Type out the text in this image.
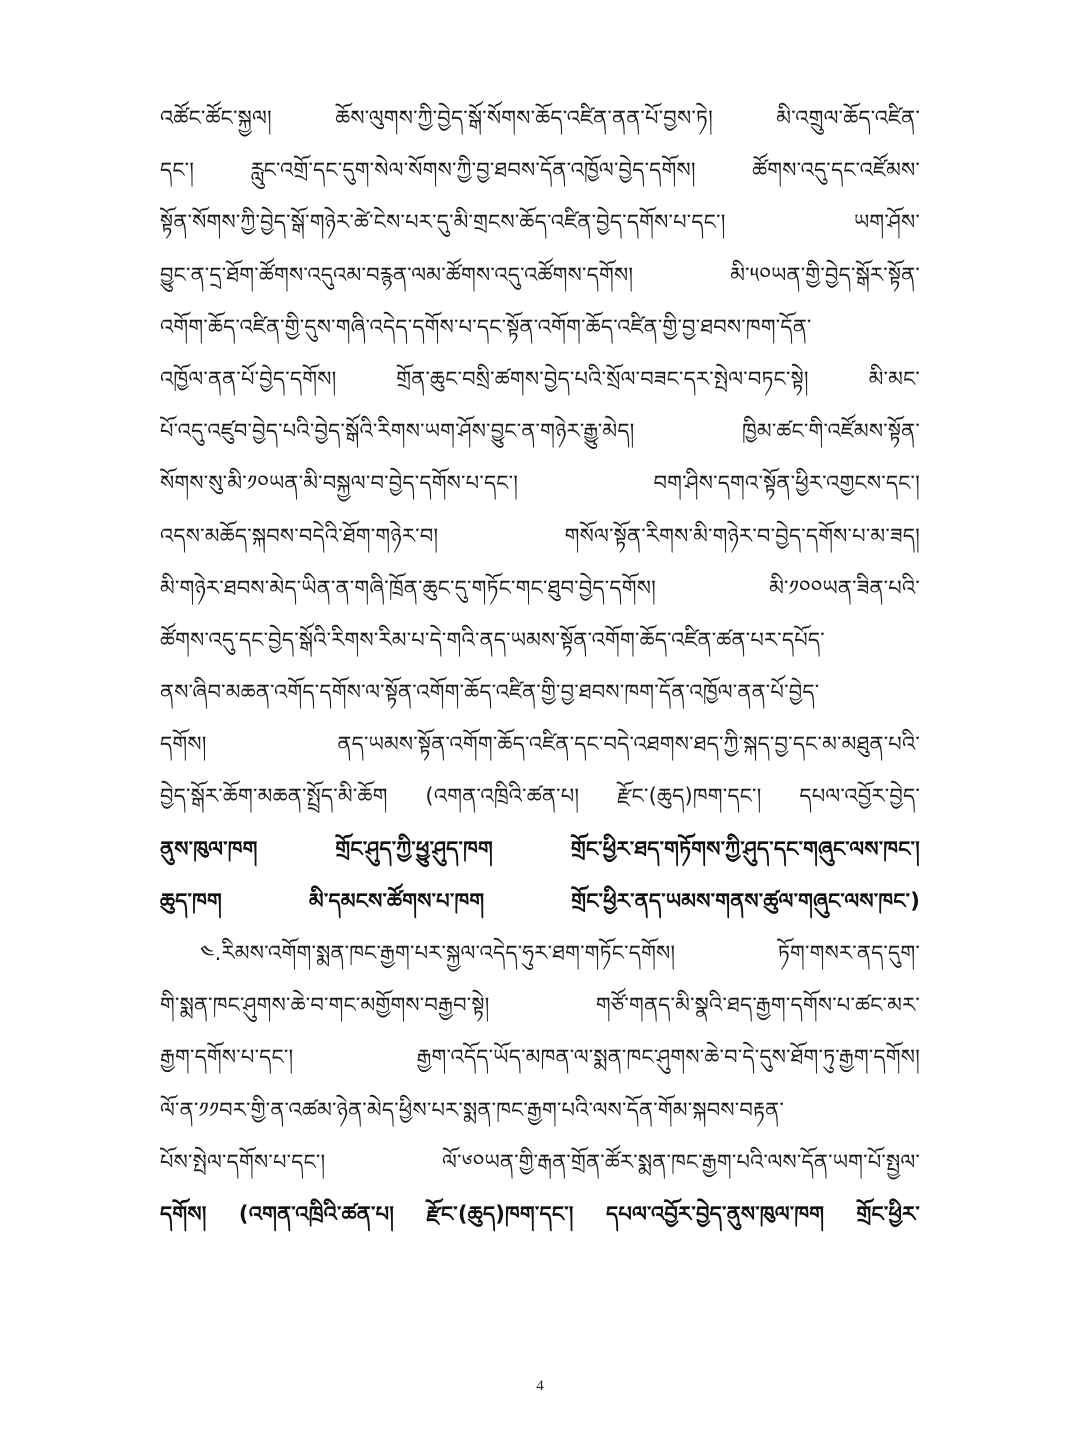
འཚོང་ཚོང་སྐྱལ། ཆོས་ལུགས་ཀྱི་བྱེད་སྒོ་སོགས་ཆོད་འཛིན་ནན་པོ་བྱས་ཏེ། མི་འགྲུལ་ཆོད་འཛིན་
དང་། རླུང་འགྲོ་དང་དུག་སེལ་སོགས་ཀྱི་བྱ་ཐབས་དོན་འཁྱོལ་བྱེད་དགོས། ཚོགས་འདུ་དང་འཛོམས་
སྟོན་སོགས་ཀྱི་བྱེད་སྒོ་གཉེར་ཚེ་ངེས་པར་དུ་མི་གྲངས་ཆོད་འཛིན་བྱེད་དགོས་པ་དང་། ཡག་ཤོས་
བྱུང་ན་དྲ་ཐོག་ཚོགས་འདུའམ་བརྙན་ལམ་ཚོགས་འདུ་འཚོགས་དགོས། མི་༥༠ཡན་གྱི་བྱེད་སྒོར་སྟོན་
འགོག་ཆོད་འཛིན་གྱི་དུས་གཞི་འདེད་དགོས་པ་དང་སྟོན་འགོག་ཆོད་འཛིན་གྱི་བྱ་ཐབས་ཁག་དོན་
འཁྱོལ་ནན་པོ་བྱེད་དགོས། གྲོན་ཆུང་བསྲི་ཚགས་བྱེད་པའི་སྲོལ་བཟང་དར་སྤེལ་བཏང་སྟེ། མི་མང་
པོ་འདུ་འཛུབ་བྱེད་པའི་བྱེད་སྒོའི་རིགས་ཡག་ཤོས་བྱུང་ན་གཉེར་རྒྱུ་མེད། ཁྱིམ་ཚང་གི་འཛོམས་སྟོན་
སོགས་སུ་མི་༡༠ཡན་མི་བསྐྱལ་བ་བྱེད་དགོས་པ་དང་། བག་ཤིས་དགའ་སྟོན་ཕྱིར་འགྱངས་དང་།
འདས་མཆོད་སྐབས་བདེའི་ཐོག་གཉེར་བ། གསོལ་སྟོན་རིགས་མི་གཉེར་བ་བྱེད་དགོས་པ་མ་ཟད།
མི་གཉེར་ཐབས་མེད་ཡིན་ན་གཞི་ཁྲོན་ཆུང་དུ་གཏོང་གང་ཐུབ་བྱེད་དགོས། མི་༡༠༠ཡན་ཟིན་པའི་
ཚོགས་འདུ་དང་བྱེད་སྒོའི་རིགས་རིམ་པ་དེ་གའི་ནད་ཡམས་སྟོན་འགོག་ཆོད་འཛིན་ཚན་པར་དཔོད་
ནས་ཞིབ་མཆན་འགོད་དགོས་ལ་སྟོན་འགོག་ཆོད་འཛིན་གྱི་བྱ་ཐབས་ཁག་དོན་འཁྱོལ་ནན་པོ་བྱེད་
དགོས། ནད་ཡམས་སྟོན་འགོག་ཆོད་འཛིན་དང་བདེ་འཐགས་ཐད་ཀྱི་སྐད་བྱ་དང་མ་མཐུན་པའི་
བྱེད་སྒོར་ཆོག་མཆན་སྤྲོད་མི་ཆོག (འགན་འཁྲིའི་ཚན་པ། རྫོང་(ཆུད)ཁག་དང་། དཔལ་འབྱོར་བྱེད་
ནུས་ཁུལ་ཁག གྲོང་ཤུད་ཀྱི་ཕྱུ་ཤུད་ཁག གྲོང་ཕྱིར་ཐད་གཏོགས་ཀྱི་ཤུད་དང་གཞུང་ལས་ཁང་།
ཆུད་ཁག མི་དམངས་ཚོགས་པ་ཁག གྲོང་ཕྱིར་ནད་ཡམས་གནས་ཚུལ་གཞུང་ལས་ཁང་)
༤.རིམས་འགོག་སྨན་ཁང་རྒྱག་པར་སྐྱལ་འདེད་ཧུར་ཐག་གཏོང་དགོས། ཏོག་གསར་ནད་དུག་
གི་སྨན་ཁང་ཤུགས་ཆེ་བ་གང་མགྱོགས་བརྒྱབ་སྟེ། གཙོ་གནད་མི་སྣའི་ཐད་རྒྱག་དགོས་པ་ཚང་མར་
རྒྱག་དགོས་པ་དང་། རྒྱག་འདོད་ཡོད་མཁན་ལ་སྨན་ཁང་ཤུགས་ཆེ་བ་དེ་དུས་ཐོག་ཏུ་རྒྱག་དགོས།
ལོ་ན་༡༡བར་གྱི་ན་འཚམ་ཉེན་མེད་ཕྱིས་པར་སྨན་ཁང་རྒྱག་པའི་ལས་དོན་གོམ་སྐབས་བརྟན་
པོས་སྤེལ་དགོས་པ་དང་། ལོ་༦༠ཡན་གྱི་རྒན་གྲོན་ཚོར་སྨན་ཁང་རྒྱག་པའི་ལས་དོན་ཡག་པོ་སྤྱལ་
དགོས། (འགན་འཁྲིའི་ཚན་པ། རྫོང་(ཆུད)ཁག་དང་། དཔལ་འབྱོར་བྱེད་ནུས་ཁུལ་ཁག གྲོང་ཕྱིར་
4
